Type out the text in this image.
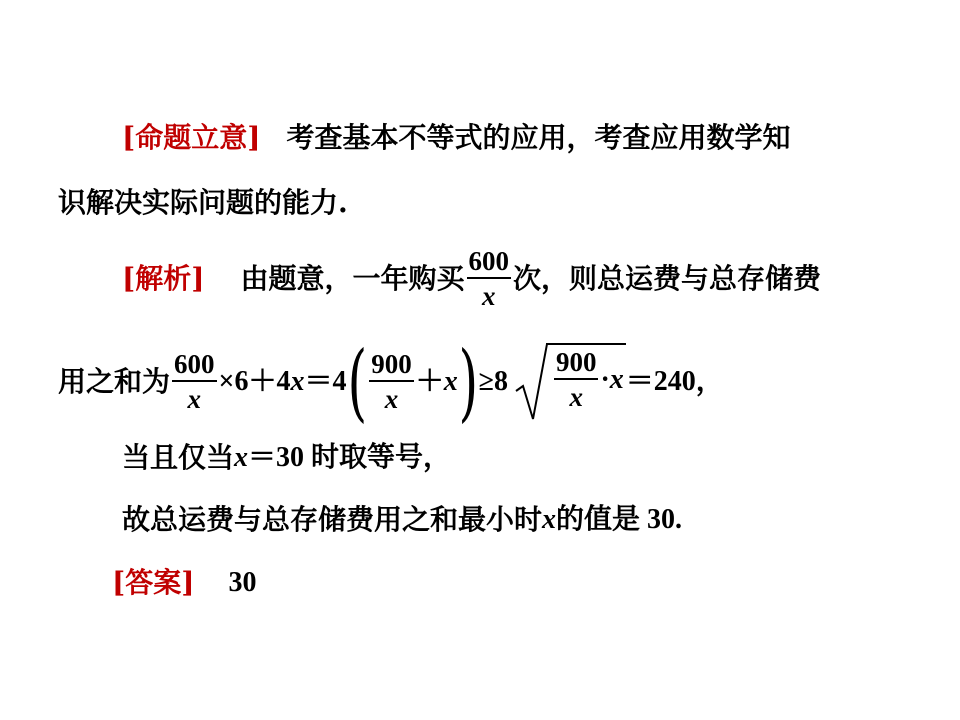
[命题立意] 考查基本不等式的应用，考查应用数学知
识解决实际问题的能力.
[解析] 由题意，一年购买 $\frac{600}{x}$ 次，则总运费与总存储费
用之和为 $\frac{600}{x} \times 6+4$ x ＝4 ( $\frac{900}{x} + x$ ) $\ge 8 \frac{900}{x} \cdot x =240$，
当且仅当 x ＝30 时取等号，
故总运费与总存储费用之和最小时 x 的值是 30.
[答案] 30
